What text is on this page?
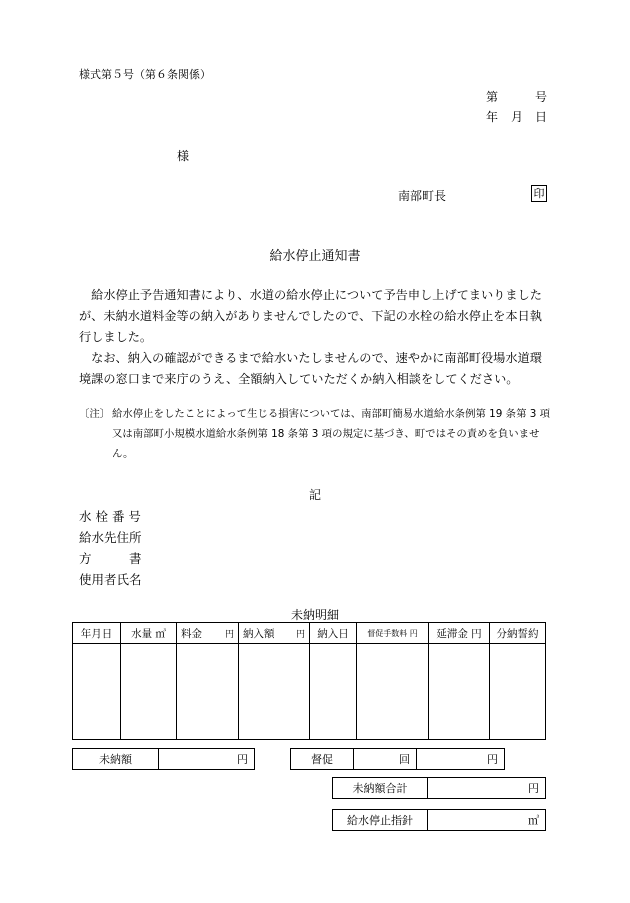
様式第５号（第６条関係）
第	号
年 月 日
様
南部町長	印
給水停止通知書

　給水停止予告通知書により、水道の給水停止について予告申し上げてまいりましたが、未納水道料金等の納入がありませんでしたので、下記の水栓の給水停止を本日執行しました。

　なお、納入の確認ができるまで給水いたしませんので、速やかに南部町役場水道環境課の窓口まで来庁のうえ、全額納入していただくか納入相談をしてください。

〔注〕 給水停止をしたことによって生じる損害については、南部町簡易水道給水条例第 19 条第 3 項又は南部町小規模水道給水条例第 18 条第 3 項の規定に基づき、町ではその責めを負いません。
記
水 栓 番 号
給水先住所
方　　　書
使用者氏名
未納明細
年月日	水量 ㎥	料金 円	納入額 円	納入日	督促手数料 円	延滞金 円	分納誓約

未納額	円	督促	回	円
未納額合計	円
給水停止指針	㎥
